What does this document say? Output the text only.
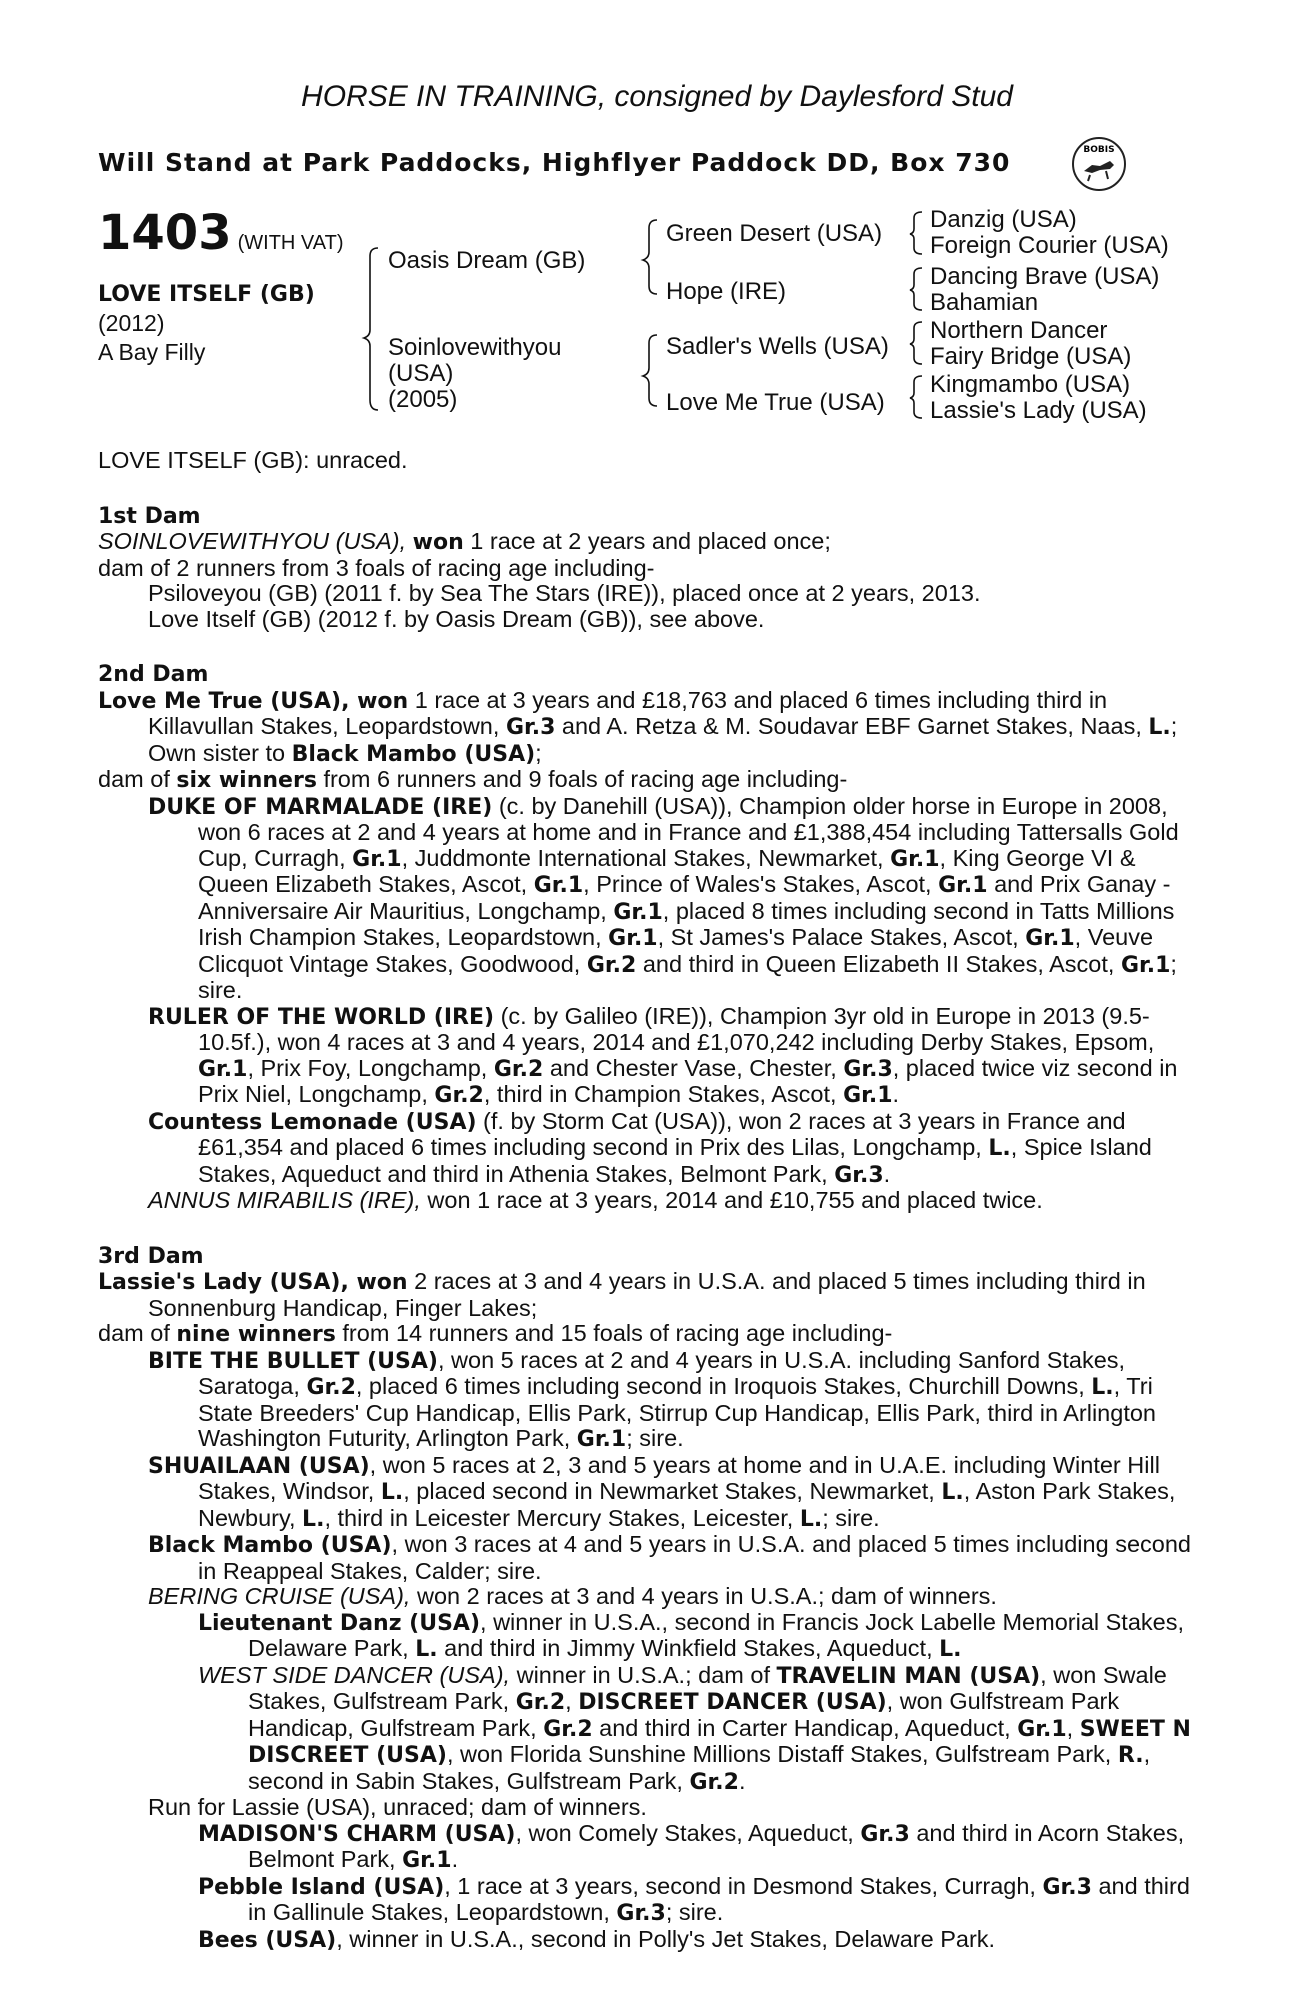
HORSE IN TRAINING, consigned by Daylesford Stud
Will Stand at Park Paddocks, Highflyer Paddock DD, Box 730	BOBIS
1403 (WITH VAT)
LOVE ITSELF (GB)
(2012)
A Bay Filly
Oasis Dream (GB)
Soinlovewithyou
(USA)
(2005)
Green Desert (USA)
Hope (IRE)
Sadler's Wells (USA)
Love Me True (USA)
Danzig (USA)
Foreign Courier (USA)
Dancing Brave (USA)
Bahamian
Northern Dancer
Fairy Bridge (USA)
Kingmambo (USA)
Lassie's Lady (USA)

LOVE ITSELF (GB): unraced.

1st Dam

SOINLOVEWITHYOU (USA), won 1 race at 2 years and placed once;

dam of 2 runners from 3 foals of racing age including-

Psiloveyou (GB) (2011 f. by Sea The Stars (IRE)), placed once at 2 years, 2013.

Love Itself (GB) (2012 f. by Oasis Dream (GB)), see above.

2nd Dam

Love Me True (USA), won 1 race at 3 years and £18,763 and placed 6 times including third in Killavullan Stakes, Leopardstown, Gr.3 and A. Retza & M. Soudavar EBF Garnet Stakes, Naas, L.; Own sister to Black Mambo (USA);

dam of six winners from 6 runners and 9 foals of racing age including-

DUKE OF MARMALADE (IRE) (c. by Danehill (USA)), Champion older horse in Europe in 2008, won 6 races at 2 and 4 years at home and in France and £1,388,454 including Tattersalls Gold Cup, Curragh, Gr.1, Juddmonte International Stakes, Newmarket, Gr.1, King George VI & Queen Elizabeth Stakes, Ascot, Gr.1, Prince of Wales's Stakes, Ascot, Gr.1 and Prix Ganay - Anniversaire Air Mauritius, Longchamp, Gr.1, placed 8 times including second in Tatts Millions Irish Champion Stakes, Leopardstown, Gr.1, St James's Palace Stakes, Ascot, Gr.1, Veuve Clicquot Vintage Stakes, Goodwood, Gr.2 and third in Queen Elizabeth II Stakes, Ascot, Gr.1; sire.

RULER OF THE WORLD (IRE) (c. by Galileo (IRE)), Champion 3yr old in Europe in 2013 (9.5-10.5f.), won 4 races at 3 and 4 years, 2014 and £1,070,242 including Derby Stakes, Epsom, Gr.1, Prix Foy, Longchamp, Gr.2 and Chester Vase, Chester, Gr.3, placed twice viz second in Prix Niel, Longchamp, Gr.2, third in Champion Stakes, Ascot, Gr.1.

Countess Lemonade (USA) (f. by Storm Cat (USA)), won 2 races at 3 years in France and £61,354 and placed 6 times including second in Prix des Lilas, Longchamp, L., Spice Island Stakes, Aqueduct and third in Athenia Stakes, Belmont Park, Gr.3.

ANNUS MIRABILIS (IRE), won 1 race at 3 years, 2014 and £10,755 and placed twice.

3rd Dam

Lassie's Lady (USA), won 2 races at 3 and 4 years in U.S.A. and placed 5 times including third in Sonnenburg Handicap, Finger Lakes;

dam of nine winners from 14 runners and 15 foals of racing age including-

BITE THE BULLET (USA), won 5 races at 2 and 4 years in U.S.A. including Sanford Stakes, Saratoga, Gr.2, placed 6 times including second in Iroquois Stakes, Churchill Downs, L., Tri State Breeders' Cup Handicap, Ellis Park, Stirrup Cup Handicap, Ellis Park, third in Arlington Washington Futurity, Arlington Park, Gr.1; sire.

SHUAILAAN (USA), won 5 races at 2, 3 and 5 years at home and in U.A.E. including Winter Hill Stakes, Windsor, L., placed second in Newmarket Stakes, Newmarket, L., Aston Park Stakes, Newbury, L., third in Leicester Mercury Stakes, Leicester, L.; sire.

Black Mambo (USA), won 3 races at 4 and 5 years in U.S.A. and placed 5 times including second in Reappeal Stakes, Calder; sire.

BERING CRUISE (USA), won 2 races at 3 and 4 years in U.S.A.; dam of winners.

Lieutenant Danz (USA), winner in U.S.A., second in Francis Jock Labelle Memorial Stakes, Delaware Park, L. and third in Jimmy Winkfield Stakes, Aqueduct, L.

WEST SIDE DANCER (USA), winner in U.S.A.; dam of TRAVELIN MAN (USA), won Swale Stakes, Gulfstream Park, Gr.2, DISCREET DANCER (USA), won Gulfstream Park Handicap, Gulfstream Park, Gr.2 and third in Carter Handicap, Aqueduct, Gr.1, SWEET N DISCREET (USA), won Florida Sunshine Millions Distaff Stakes, Gulfstream Park, R., second in Sabin Stakes, Gulfstream Park, Gr.2.

Run for Lassie (USA), unraced; dam of winners.

MADISON'S CHARM (USA), won Comely Stakes, Aqueduct, Gr.3 and third in Acorn Stakes, Belmont Park, Gr.1.

Pebble Island (USA), 1 race at 3 years, second in Desmond Stakes, Curragh, Gr.3 and third in Gallinule Stakes, Leopardstown, Gr.3; sire.

Bees (USA), winner in U.S.A., second in Polly's Jet Stakes, Delaware Park.
